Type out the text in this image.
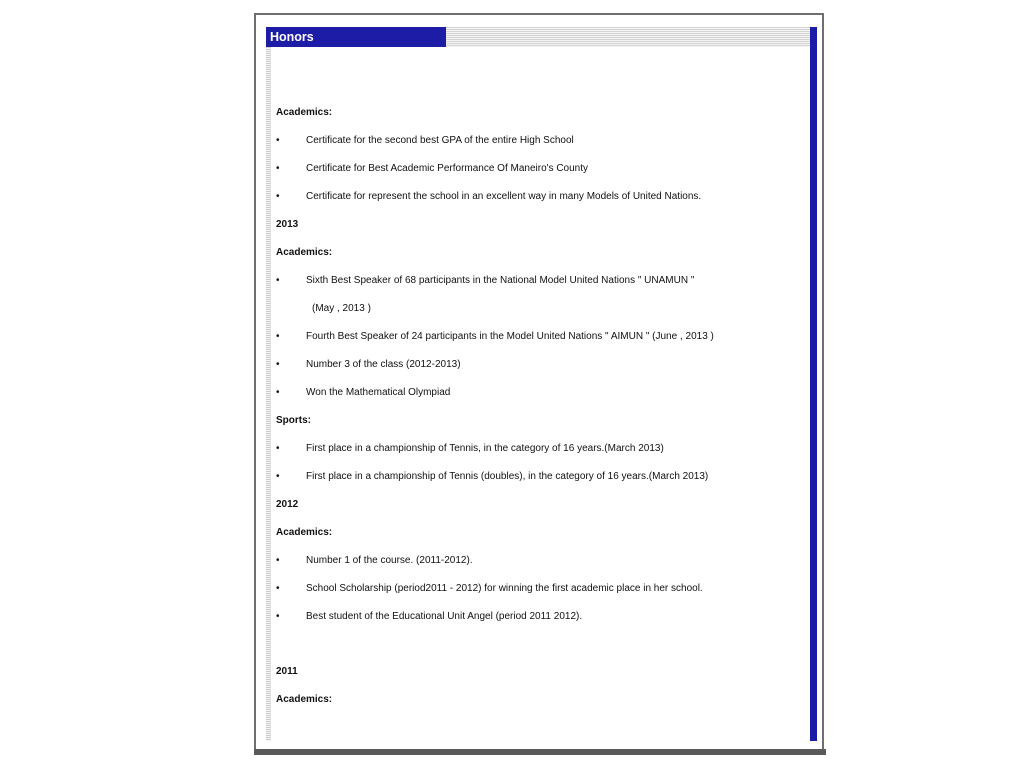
Honors
Academics:
•	Certificate for the second best GPA of the entire High School
•	Certificate for Best Academic Performance Of Maneiro's County
•	Certificate for represent the school in an excellent way in many Models of United Nations.
2013
Academics:
•	Sixth Best Speaker of 68 participants in the National Model United Nations " UNAMUN "
(May , 2013 )
•	Fourth Best Speaker of 24 participants in the Model United Nations " AIMUN " (June , 2013 )
•	Number 3 of the class (2012-2013)
•	Won the Mathematical Olympiad
Sports:
•	First place in a championship of Tennis, in the category of 16 years.(March 2013)
•	First place in a championship of Tennis (doubles), in the category of 16 years.(March 2013)
2012
Academics:
•	Number 1 of the course. (2011-2012).
•	School Scholarship (period2011 - 2012) for winning the first academic place in her school.
•	Best student of the Educational Unit Angel (period 2011 2012).
2011
Academics:
